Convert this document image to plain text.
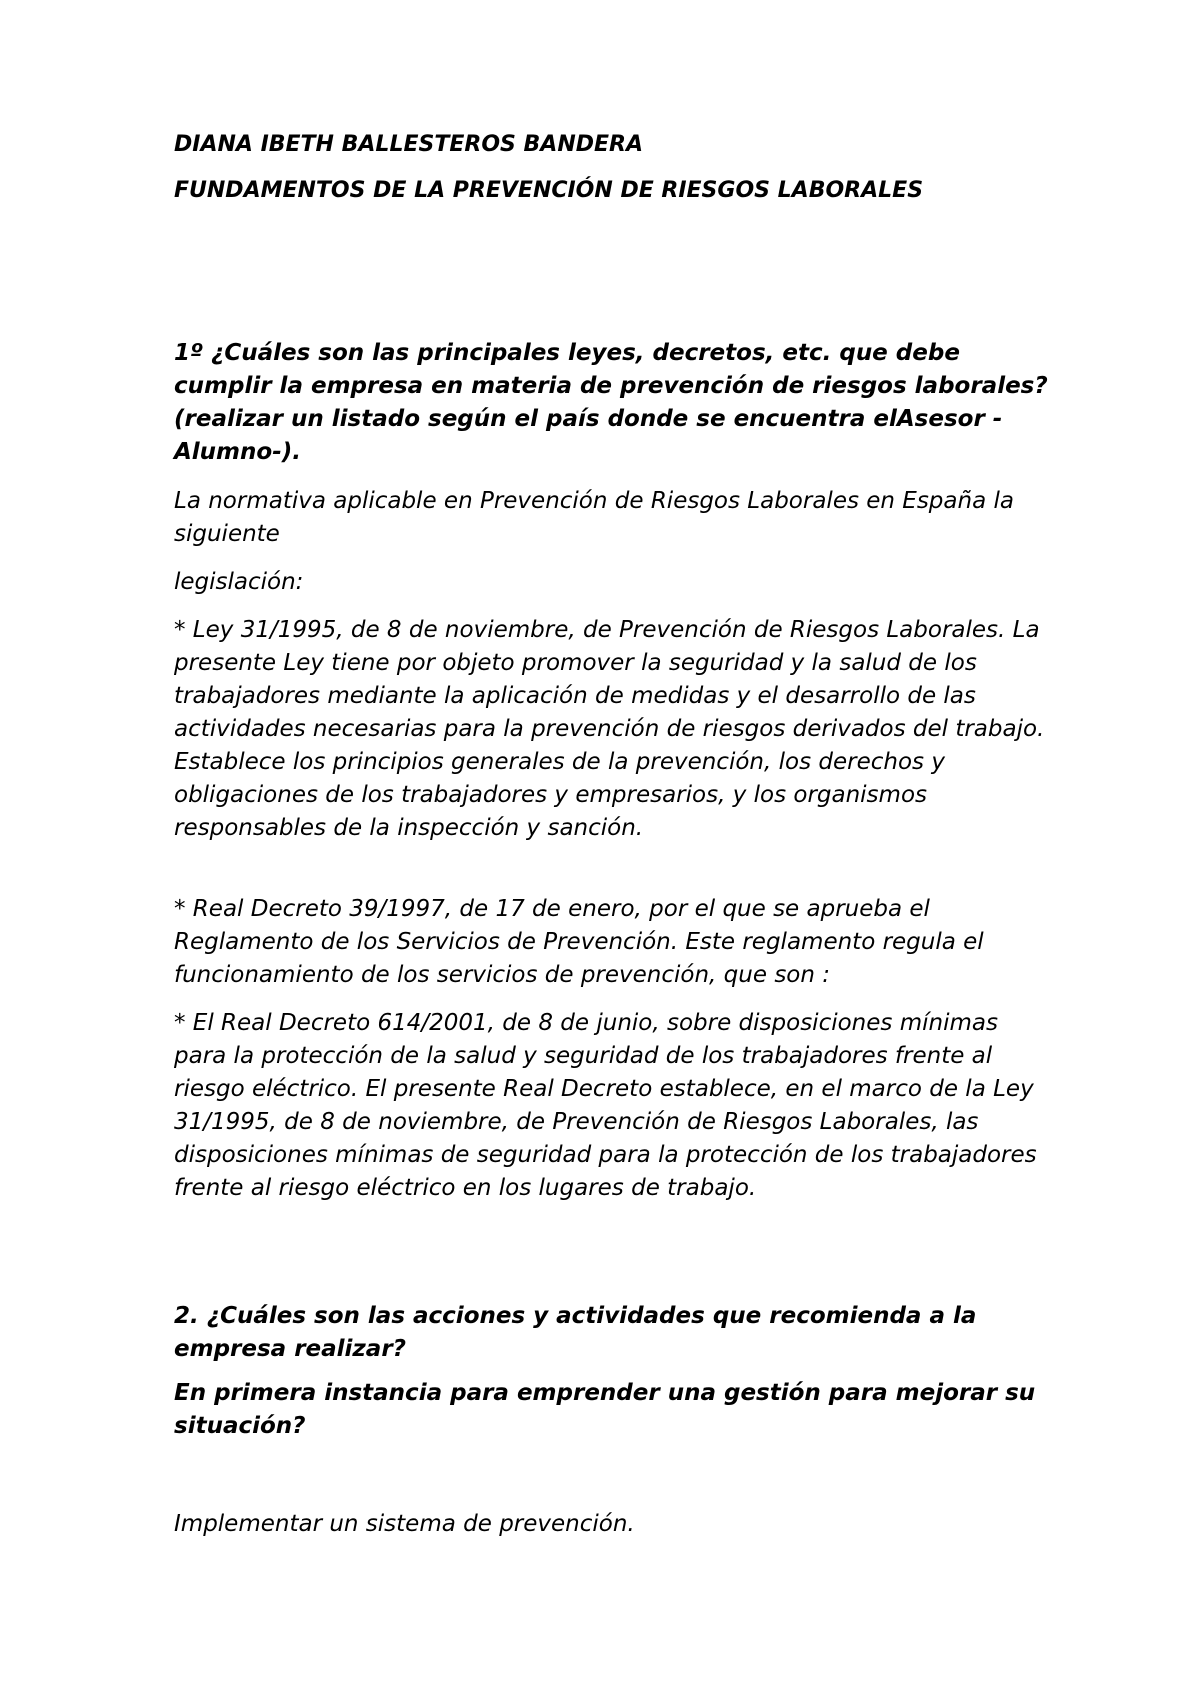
DIANA IBETH BALLESTEROS BANDERA

FUNDAMENTOS DE LA PREVENCIÓN DE RIESGOS LABORALES

1º ¿Cuáles son las principales leyes, decretos, etc. que debe cumplir la empresa en materia de prevención de riesgos laborales? (realizar un listado según el país donde se encuentra elAsesor -Alumno-).

La normativa aplicable en Prevención de Riesgos Laborales en España la siguiente

legislación:

* Ley 31/1995, de 8 de noviembre, de Prevención de Riesgos Laborales. La presente Ley tiene por objeto promover la seguridad y la salud de los trabajadores mediante la aplicación de medidas y el desarrollo de las actividades necesarias para la prevención de riesgos derivados del trabajo. Establece los principios generales de la prevención, los derechos y obligaciones de los trabajadores y empresarios, y los organismos responsables de la inspección y sanción.

* Real Decreto 39/1997, de 17 de enero, por el que se aprueba el Reglamento de los Servicios de Prevención. Este reglamento regula el funcionamiento de los servicios de prevención, que son :

* El Real Decreto 614/2001, de 8 de junio, sobre disposiciones mínimas para la protección de la salud y seguridad de los trabajadores frente al riesgo eléctrico. El presente Real Decreto establece, en el marco de la Ley 31/1995, de 8 de noviembre, de Prevención de Riesgos Laborales, las disposiciones mínimas de seguridad para la protección de los trabajadores frente al riesgo eléctrico en los lugares de trabajo.

2. ¿Cuáles son las acciones y actividades que recomienda a la empresa realizar?

En primera instancia para emprender una gestión para mejorar su situación?

Implementar un sistema de prevención.
